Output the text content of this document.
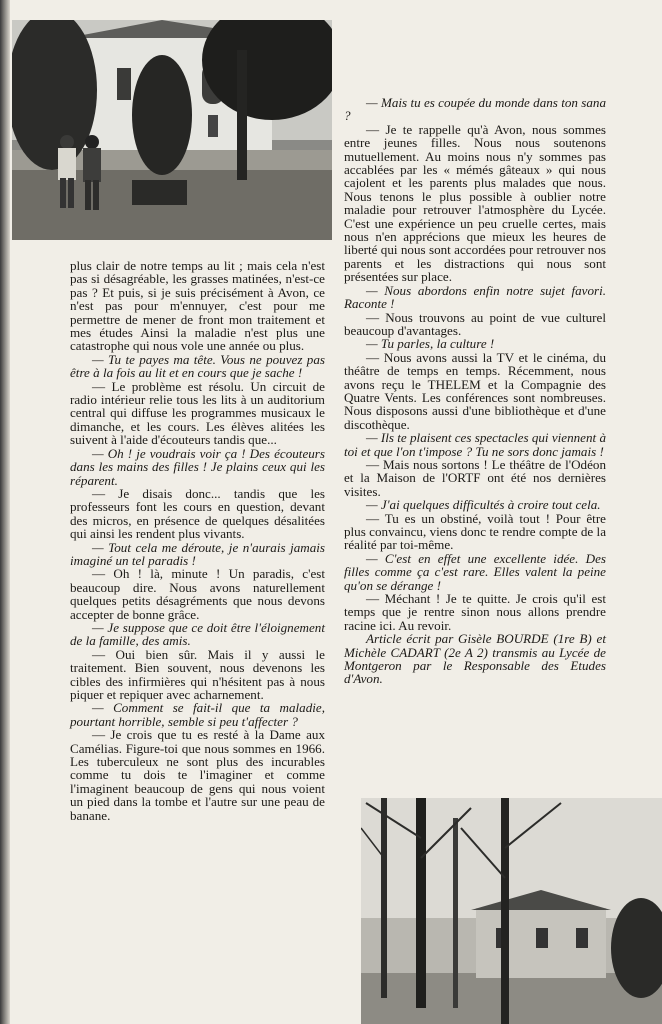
plus clair de notre temps au lit ; mais cela n'est pas si désagréable, les grasses matinées, n'est-ce pas ? Et puis, si je suis précisément à Avon, ce n'est pas pour m'ennuyer, c'est pour me permettre de mener de front mon traitement et mes études Ainsi la maladie n'est plus une catastrophe qui nous vole une année ou plus.

— Tu te payes ma tête. Vous ne pouvez pas être à la fois au lit et en cours que je sache !

— Le problème est résolu. Un circuit de radio intérieur relie tous les lits à un auditorium central qui diffuse les programmes musicaux le dimanche, et les cours. Les élèves alitées les suivent à l'aide d'écouteurs tandis que...

— Oh ! je voudrais voir ça ! Des écouteurs dans les mains des filles ! Je plains ceux qui les réparent.

— Je disais donc... tandis que les professeurs font les cours en question, devant des micros, en présence de quelques désalitées qui ainsi les rendent plus vivants.

— Tout cela me déroute, je n'aurais jamais imaginé un tel paradis !

— Oh ! là, minute ! Un paradis, c'est beaucoup dire. Nous avons naturellement quelques petits désagréments que nous devons accepter de bonne grâce.

— Je suppose que ce doit être l'éloignement de la famille, des amis.

— Oui bien sûr. Mais il y aussi le traitement. Bien souvent, nous devenons les cibles des infirmières qui n'hésitent pas à nous piquer et repiquer avec acharnement.

— Comment se fait-il que ta maladie, pourtant horrible, semble si peu t'affecter ?

— Je crois que tu es resté à la Dame aux Camélias. Figure-toi que nous sommes en 1966. Les tuberculeux ne sont plus des incurables comme tu dois te l'imaginer et comme l'imaginent beaucoup de gens qui nous voient un pied dans la tombe et l'autre sur une peau de banane.

— Mais tu es coupée du monde dans ton sana ?

— Je te rappelle qu'à Avon, nous sommes entre jeunes filles. Nous nous soutenons mutuellement. Au moins nous n'y sommes pas accablées par les « mémés gâteaux » qui nous cajolent et les parents plus malades que nous. Nous tenons le plus possible à oublier notre maladie pour retrouver l'atmosphère du Lycée. C'est une expérience un peu cruelle certes, mais nous n'en apprécions que mieux les heures de liberté qui nous sont accordées pour retrouver nos parents et les distractions qui nous sont présentées sur place.

— Nous abordons enfin notre sujet favori. Raconte !

— Nous trouvons au point de vue culturel beaucoup d'avantages.

— Tu parles, la culture !

— Nous avons aussi la TV et le cinéma, du théâtre de temps en temps. Récemment, nous avons reçu le THELEM et la Compagnie des Quatre Vents. Les conférences sont nombreuses. Nous disposons aussi d'une bibliothèque et d'une discothèque.

— Ils te plaisent ces spectacles qui viennent à toi et que l'on t'impose ? Tu ne sors donc jamais !

— Mais nous sortons ! Le théâtre de l'Odéon et la Maison de l'ORTF ont été nos dernières visites.

— J'ai quelques difficultés à croire tout cela.

— Tu es un obstiné, voilà tout ! Pour être plus convaincu, viens donc te rendre compte de la réalité par toi-même.

— C'est en effet une excellente idée. Des filles comme ça c'est rare. Elles valent la peine qu'on se dérange !

— Méchant ! Je te quitte. Je crois qu'il est temps que je rentre sinon nous allons prendre racine ici. Au revoir.

Article écrit par Gisèle BOURDE (1re B) et Michèle CADART (2e A 2) transmis au Lycée de Montgeron par le Responsable des Etudes d'Avon.
